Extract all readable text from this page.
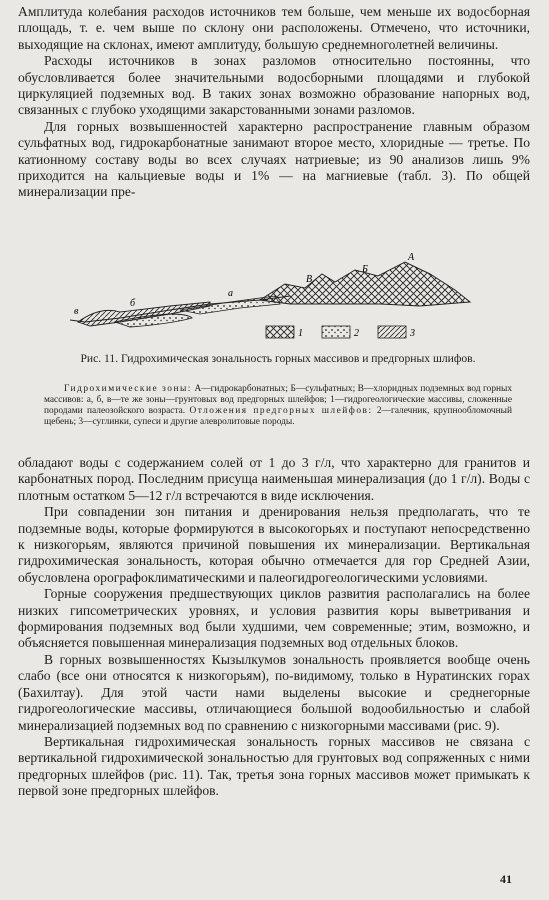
Амплитуда колебания расходов источников тем больше, чем меньше их водосборная площадь, т. е. чем выше по склону они расположены. Отмечено, что источники, выходящие на склонах, имеют амплитуду, большую среднемноголетней величины.

Расходы источников в зонах разломов относительно постоянны, что обусловливается более значительными водосборными площадями и глубокой циркуляцией подземных вод. В таких зонах возможно образование напорных вод, связанных с глубоко уходящими закарстованными зонами разломов.

Для горных возвышенностей характерно распространение главным образом сульфатных вод, гидрокарбонатные занимают второе место, хлоридные — третье. По катионному составу воды во всех случаях натриевые; из 90 анализов лишь 9% приходится на кальциевые воды и 1% — на магниевые (табл. 3). По общей минерализации пре-

в
б
а
В
Б
А
1	2	3

Рис. 11. Гидрохимическая зональность горных массивов и предгорных шлифов.

Гидрохимические зоны: А—гидрокарбонатных; Б—сульфатных; В—хлоридных подземных вод горных массивов: а, б, в—те же зоны—грунтовых вод предгорных шлейфов; 1—гидрогеологические массивы, сложенные породами палеозойского возраста. Отложения предгорных шлейфов: 2—галечник, крупнообломочный щебень; 3—суглинки, супеси и другие алевролитовые породы.

обладают воды с содержанием солей от 1 до 3 г/л, что характерно для гранитов и карбонатных пород. Последним присуща наименьшая минерализация (до 1 г/л). Воды с плотным остатком 5—12 г/л встречаются в виде исключения.

При совпадении зон питания и дренирования нельзя предполагать, что те подземные воды, которые формируются в высокогорьях и поступают непосредственно к низкогорьям, являются причиной повышения их минерализации. Вертикальная гидрохимическая зональность, которая обычно отмечается для гор Средней Азии, обусловлена орографоклиматическими и палеогидрогеологическими условиями.

Горные сооружения предшествующих циклов развития располагались на более низких гипсометрических уровнях, и условия развития коры выветривания и формирования подземных вод были худшими, чем современные; этим, возможно, и объясняется повышенная минерализация подземных вод отдельных блоков.

В горных возвышенностях Кызылкумов зональность проявляется вообще очень слабо (все они относятся к низкогорьям), по-видимому, только в Нуратинских горах (Бахилтау). Для этой части нами выделены высокие и среднегорные гидрогеологические массивы, отличающиеся большой водообильностью и слабой минерализацией подземных вод по сравнению с низкогорными массивами (рис. 9).

Вертикальная гидрохимическая зональность горных массивов не связана с вертикальной гидрохимической зональностью для грунтовых вод сопряженных с ними предгорных шлейфов (рис. 11). Так, третья зона горных массивов может примыкать к первой зоне предгорных шлейфов.

41
